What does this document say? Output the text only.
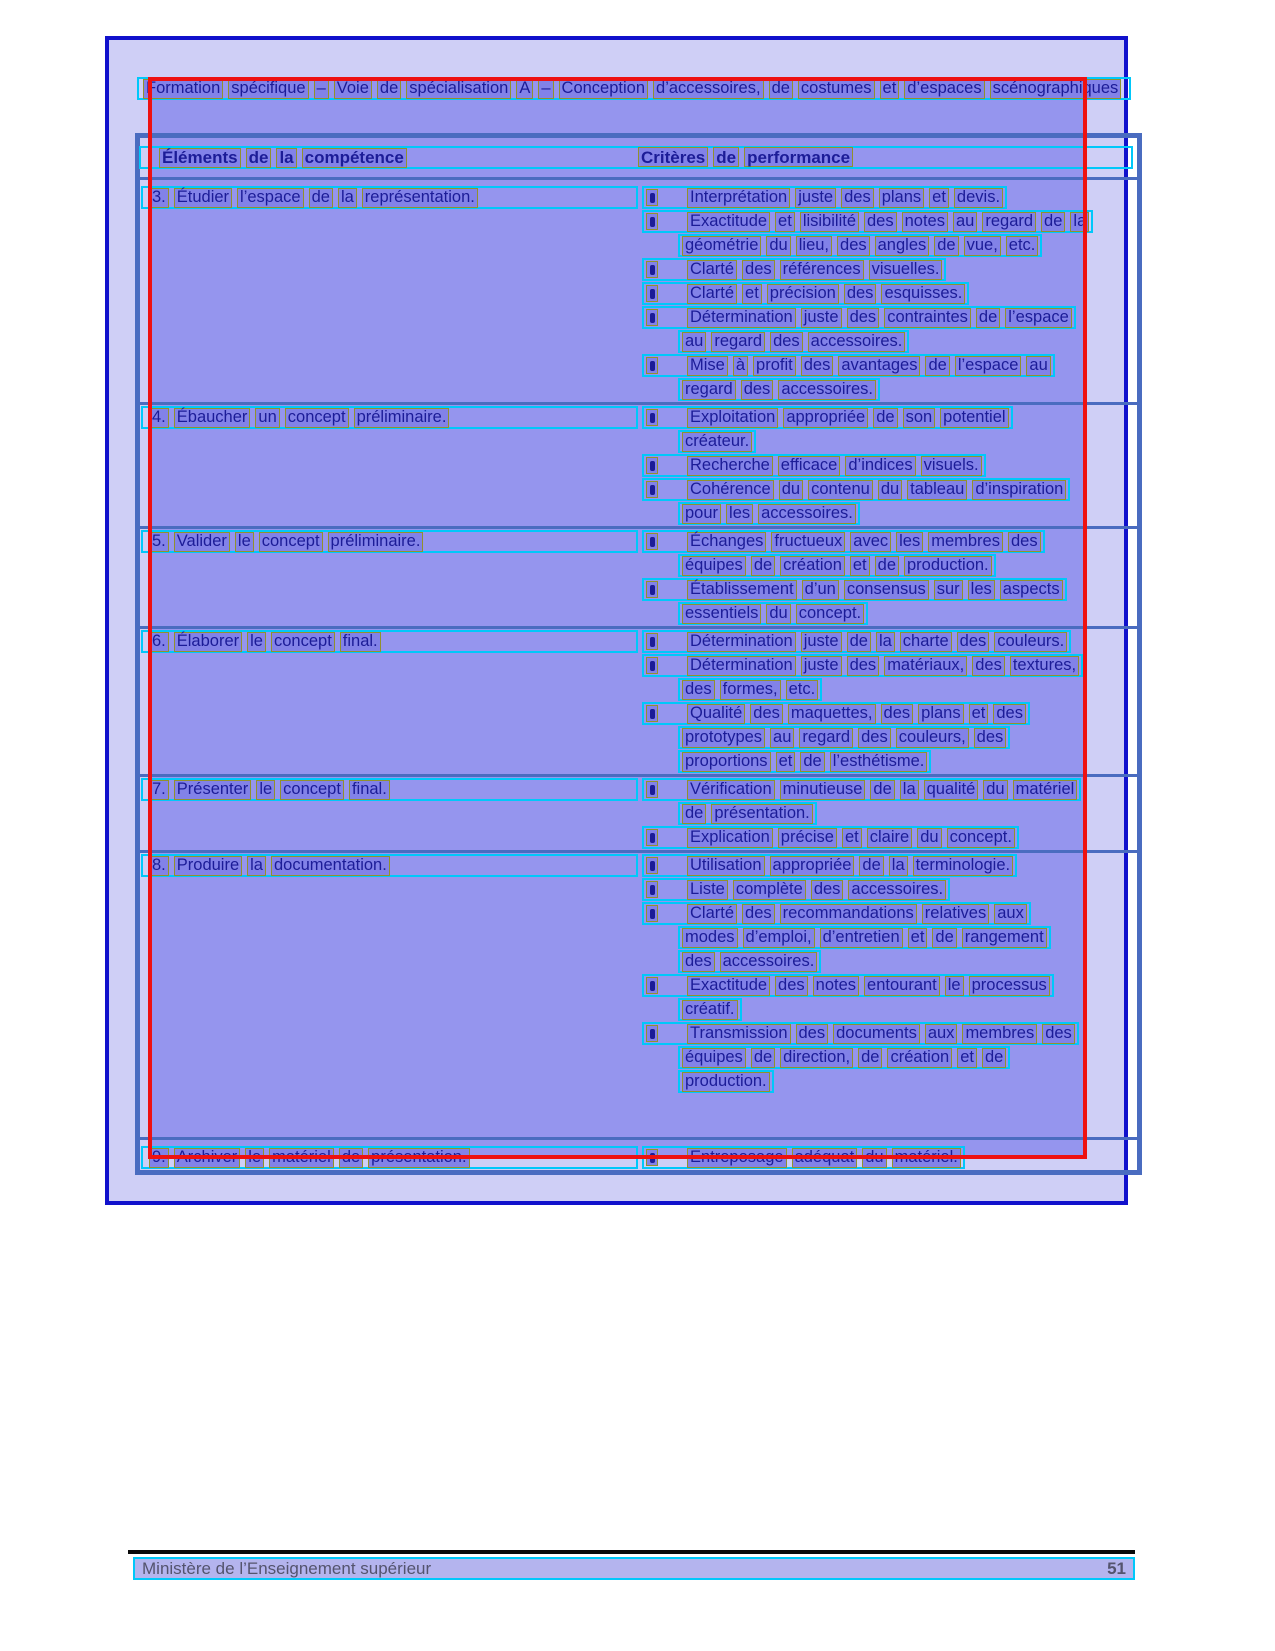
Formation spécifique – Voie de spécialisation A – Conception d’accessoires, de costumes et d’espaces scénographiques
Éléments de la compétence	Critères de performance
3. Étudier l’espace de la représentation.	Interprétation juste des plans et devis.
Exactitude et lisibilité des notes au regard de la
géométrie du lieu, des angles de vue, etc.
Clarté des références visuelles.
Clarté et précision des esquisses.
Détermination juste des contraintes de l’espace
au regard des accessoires.
Mise à profit des avantages de l’espace au
regard des accessoires.
4. Ébaucher un concept préliminaire.	Exploitation appropriée de son potentiel
créateur.
Recherche efficace d’indices visuels.
Cohérence du contenu du tableau d’inspiration
pour les accessoires.
5. Valider le concept préliminaire.	Échanges fructueux avec les membres des
équipes de création et de production.
Établissement d’un consensus sur les aspects
essentiels du concept.
6. Élaborer le concept final.	Détermination juste de la charte des couleurs.
Détermination juste des matériaux, des textures,
des formes, etc.
Qualité des maquettes, des plans et des
prototypes au regard des couleurs, des
proportions et de l’esthétisme.
7. Présenter le concept final.	Vérification minutieuse de la qualité du matériel
de présentation.
Explication précise et claire du concept.
8. Produire la documentation.	Utilisation appropriée de la terminologie.
Liste complète des accessoires.
Clarté des recommandations relatives aux
modes d’emploi, d’entretien et de rangement
des accessoires.
Exactitude des notes entourant le processus
créatif.
Transmission des documents aux membres des
équipes de direction, de création et de
production.
9. Archiver le matériel de présentation.	Entreposage adéquat du matériel.
Ministère de l’Enseignement supérieur	51
